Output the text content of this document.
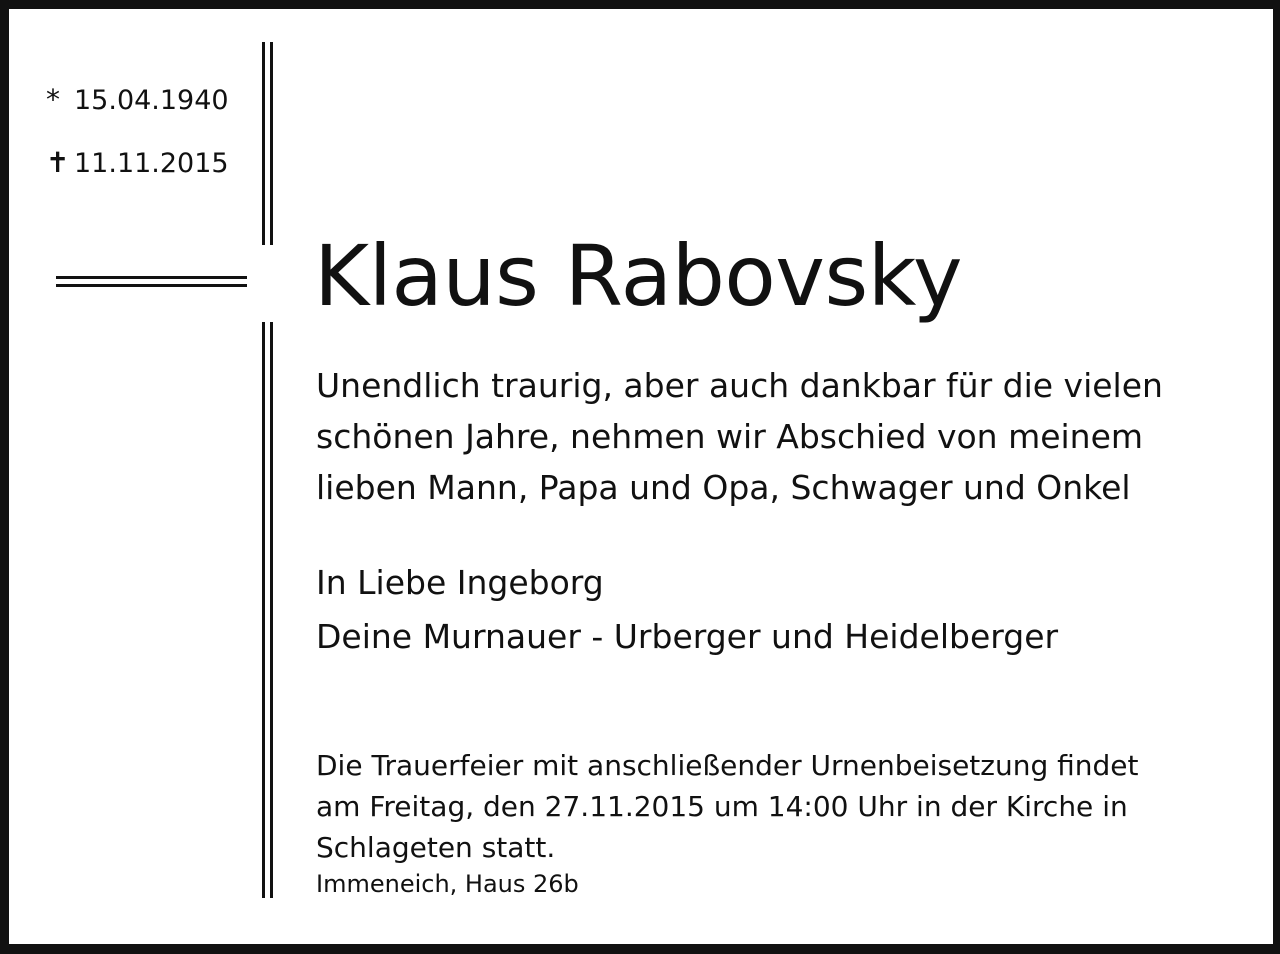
* 15.04.1940
✝ 11.11.2015
Klaus Rabovsky
Unendlich traurig, aber auch dankbar für die vielen
schönen Jahre, nehmen wir Abschied von meinem
lieben Mann, Papa und Opa, Schwager und Onkel
In Liebe Ingeborg
Deine Murnauer - Urberger und Heidelberger
Die Trauerfeier mit anschließender Urnenbeisetzung findet
am Freitag, den 27.11.2015 um 14:00 Uhr in der Kirche in
Schlageten statt.
Immeneich, Haus 26b
